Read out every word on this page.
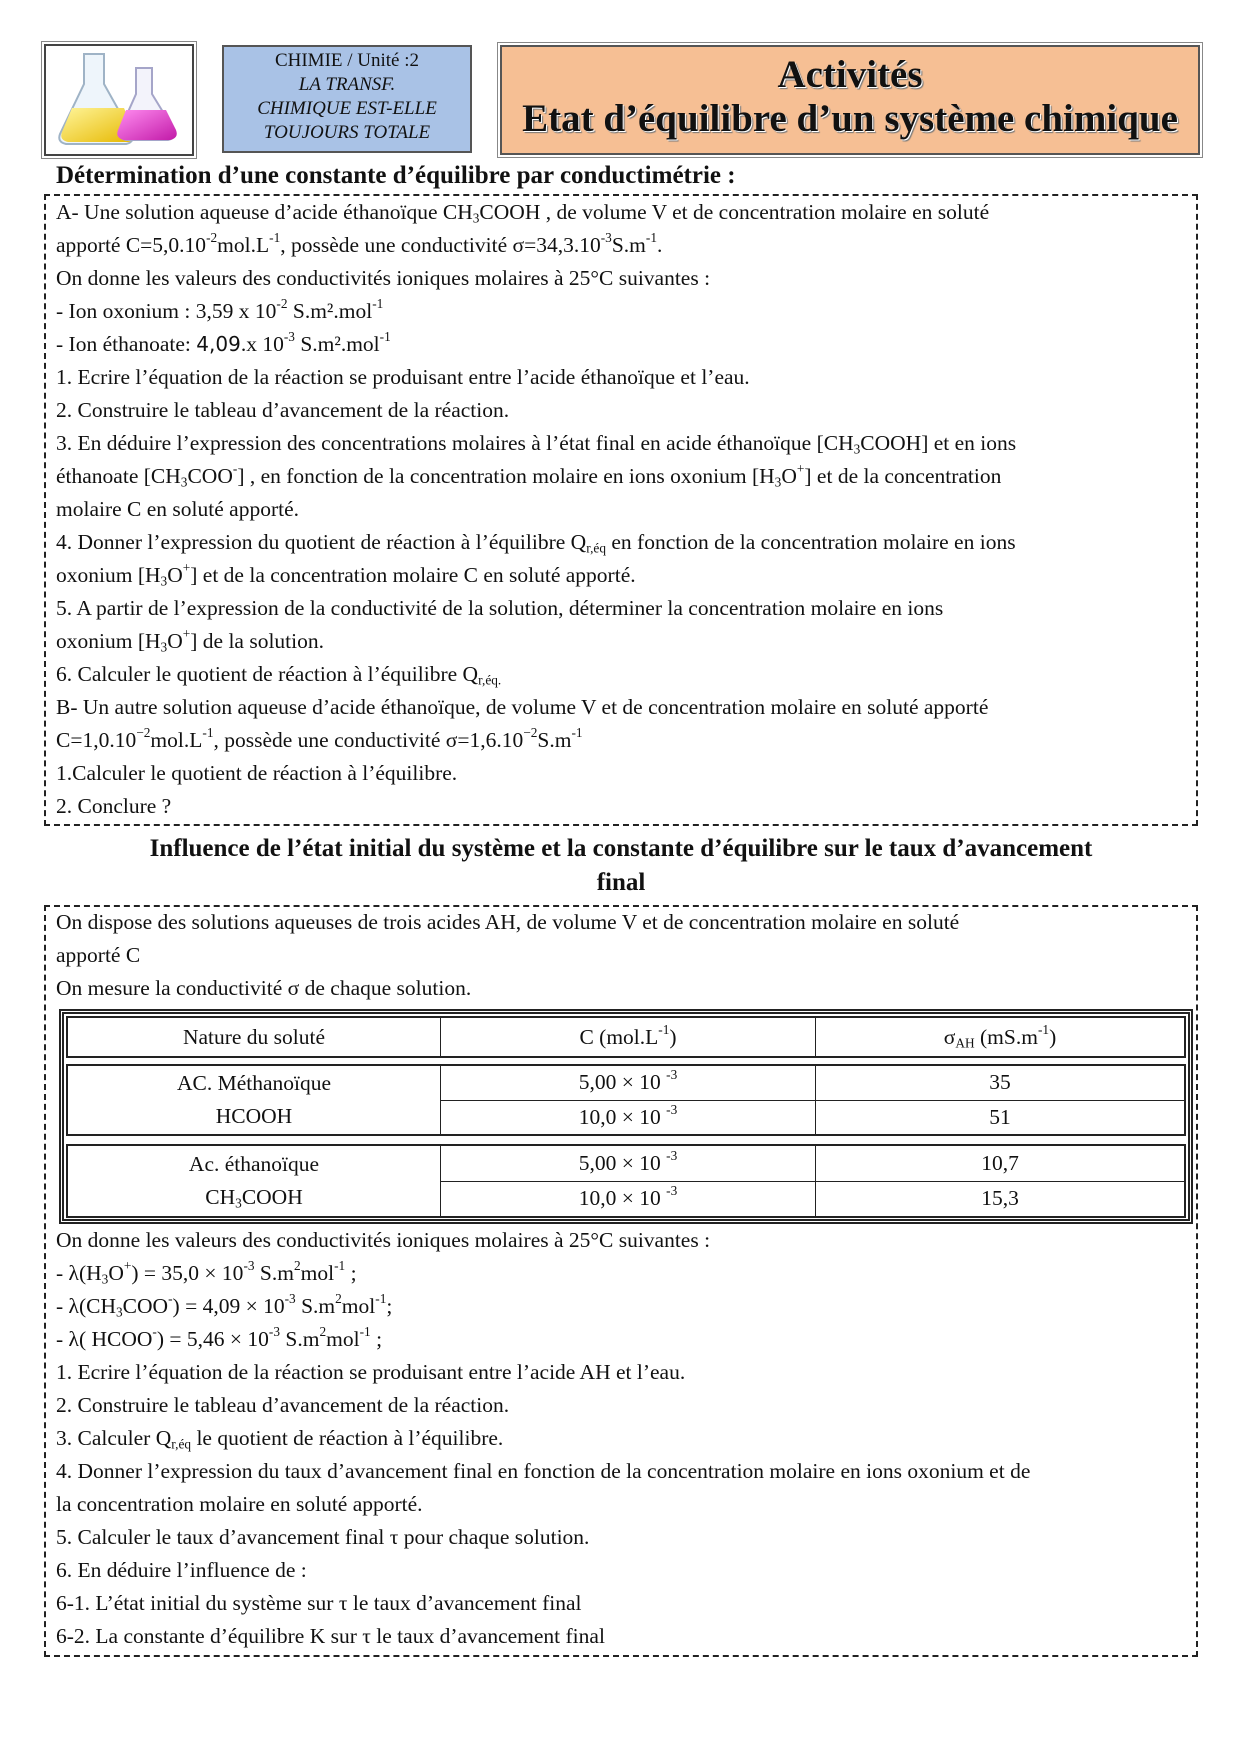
CHIMIE / Unité :2
LA TRANSF.
CHIMIQUE EST-ELLE
TOUJOURS TOTALE
Activités
Etat d’équilibre d’un système chimique
Détermination d’une constante d’équilibre par conductimétrie :

A- Une solution aqueuse d’acide éthanoïque $CH_3COOH$ , de volume V et de concentration molaire en soluté

apporté $C=5,0.10^{-2}mol.L^{-1}$, possède une conductivité $\sigma=34,3.10^{-3}S.m^{-1}$.

On donne les valeurs des conductivités ioniques molaires à 25°C suivantes :

- Ion oxonium : 3,59 x $10^{-2}$ S.m².mol$^{-1}$

- Ion éthanoate: 4,09.x $10^{-3}$ S.m².mol$^{-1}$

1. Ecrire l’équation de la réaction se produisant entre l’acide éthanoïque et l’eau.

2. Construire le tableau d’avancement de la réaction.

3. En déduire l’expression des concentrations molaires à l’état final en acide éthanoïque $[CH_3COOH]$ et en ions

éthanoate $[CH_3COO^-]$ , en fonction de la concentration molaire en ions oxonium $[H_3O^+]$ et de la concentration

molaire C en soluté apporté.

4. Donner l’expression du quotient de réaction à l’équilibre $Q_{r,éq}$ en fonction de la concentration molaire en ions

oxonium $[H_3O^+]$ et de la concentration molaire C en soluté apporté.

5. A partir de l’expression de la conductivité de la solution, déterminer la concentration molaire en ions

oxonium $[H_3O^+]$ de la solution.

6. Calculer le quotient de réaction à l’équilibre $Q_{r,éq.}$

B- Un autre solution aqueuse d’acide éthanoïque, de volume V et de concentration molaire en soluté apporté

$C=1,0.10^{-2}mol.L^{-1}$, possède une conductivité $\sigma=1,6.10^{-2}S.m^{-1}$

1.Calculer le quotient de réaction à l’équilibre.

2. Conclure ?

Influence de l’état initial du système et la constante d’équilibre sur le taux d’avancement
final

On dispose des solutions aqueuses de trois acides AH, de volume V et de concentration molaire en soluté

apporté C

On mesure la conductivité σ de chaque solution.

Nature du soluté	C $(mol.L^{-1})$	$\sigma_{AH}$ $(mS.m^{-1})$
AC. Méthanoïque
HCOOH	5,00 × 10 $^{-3}$	35
	10,0 × 10 $^{-3}$	51
Ac. éthanoïque
$CH_3COOH$	5,00 × 10 $^{-3}$	10,7
	10,0 × 10 $^{-3}$	15,3

On donne les valeurs des conductivités ioniques molaires à 25°C suivantes :

- $\lambda(H_3O^+) = 35,0 \times 10^{-3}$ $S.m^2mol^{-1}$ ;

- $\lambda(CH_3COO^-) = 4,09 \times 10^{-3}$ $S.m^2mol^{-1}$;

- λ( HCOO-) = $5,46 \times 10^{-3}$ $S.m^2mol^{-1}$ ;

1. Ecrire l’équation de la réaction se produisant entre l’acide AH et l’eau.

2. Construire le tableau d’avancement de la réaction.

3. Calculer $Q_{r,éq}$ le quotient de réaction à l’équilibre.

4. Donner l’expression du taux d’avancement final en fonction de la concentration molaire en ions oxonium et de

la concentration molaire en soluté apporté.

5. Calculer le taux d’avancement final τ pour chaque solution.

6. En déduire l’influence de :

6-1. L’état initial du système sur τ le taux d’avancement final

6-2. La constante d’équilibre K sur τ le taux d’avancement final
